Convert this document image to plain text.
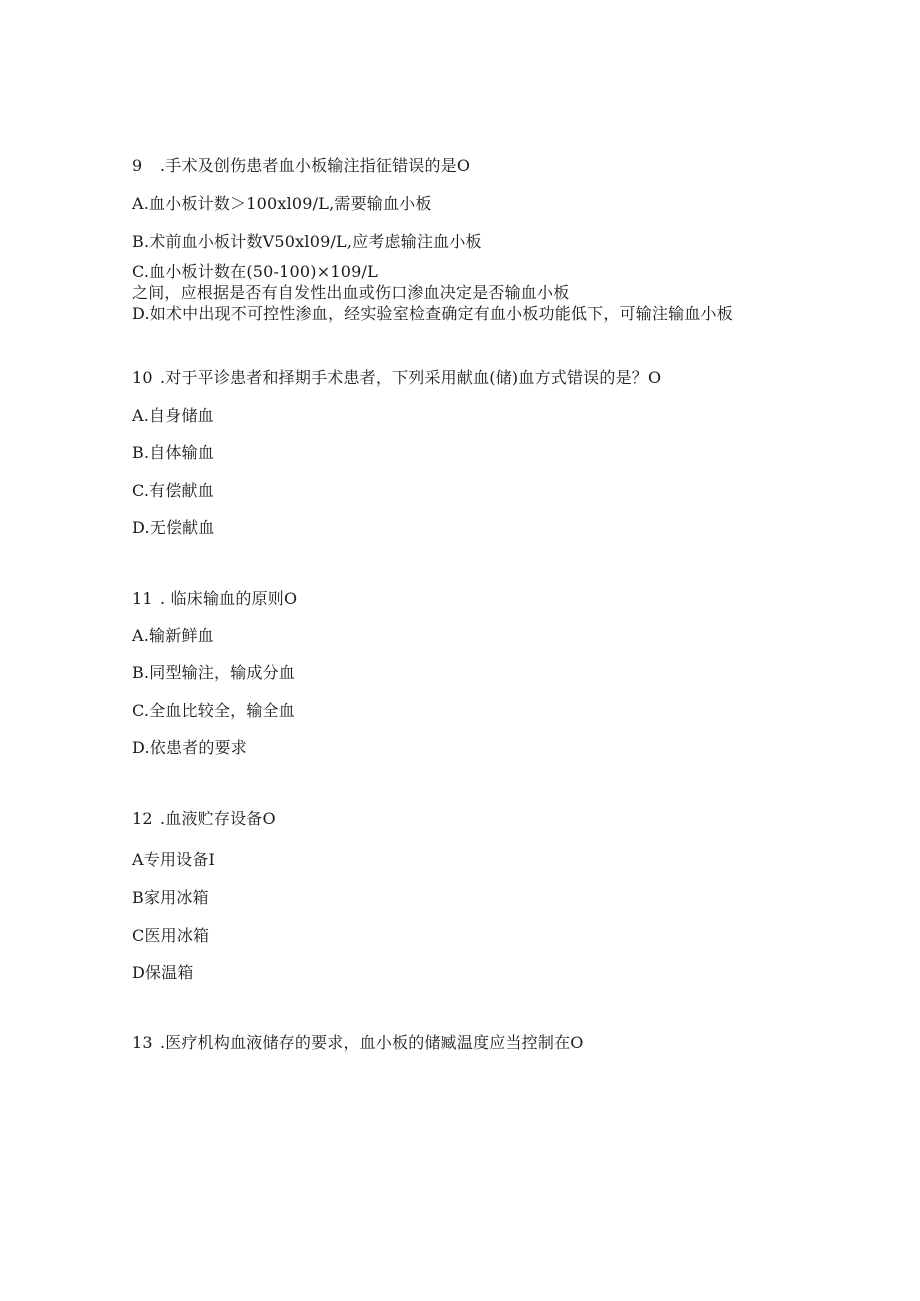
9 .手术及创伤患者血小板输注指征错误的是O
A.血小板计数＞100xl09/L,需要输血小板
B.术前血小板计数V50xl09/L,应考虑输注血小板
C.血小板计数在(50-100)×109/L
之间，应根据是否有自发性出血或伤口渗血决定是否输血小板
D.如术中出现不可控性渗血，经实验室检查确定有血小板功能低下，可输注输血小板
10 .对于平诊患者和择期手术患者，下列采用献血(储)血方式错误的是？O
A.自身储血
B.自体输血
C.有偿献血
D.无偿献血
11 . 临床输血的原则O
A.输新鲜血
B.同型输注，输成分血
C.全血比较全，输全血
D.依患者的要求
12 .血液贮存设备O
A专用设备I
B家用冰箱
C医用冰箱
D保温箱
13 .医疗机构血液储存的要求，血小板的储臧温度应当控制在O
